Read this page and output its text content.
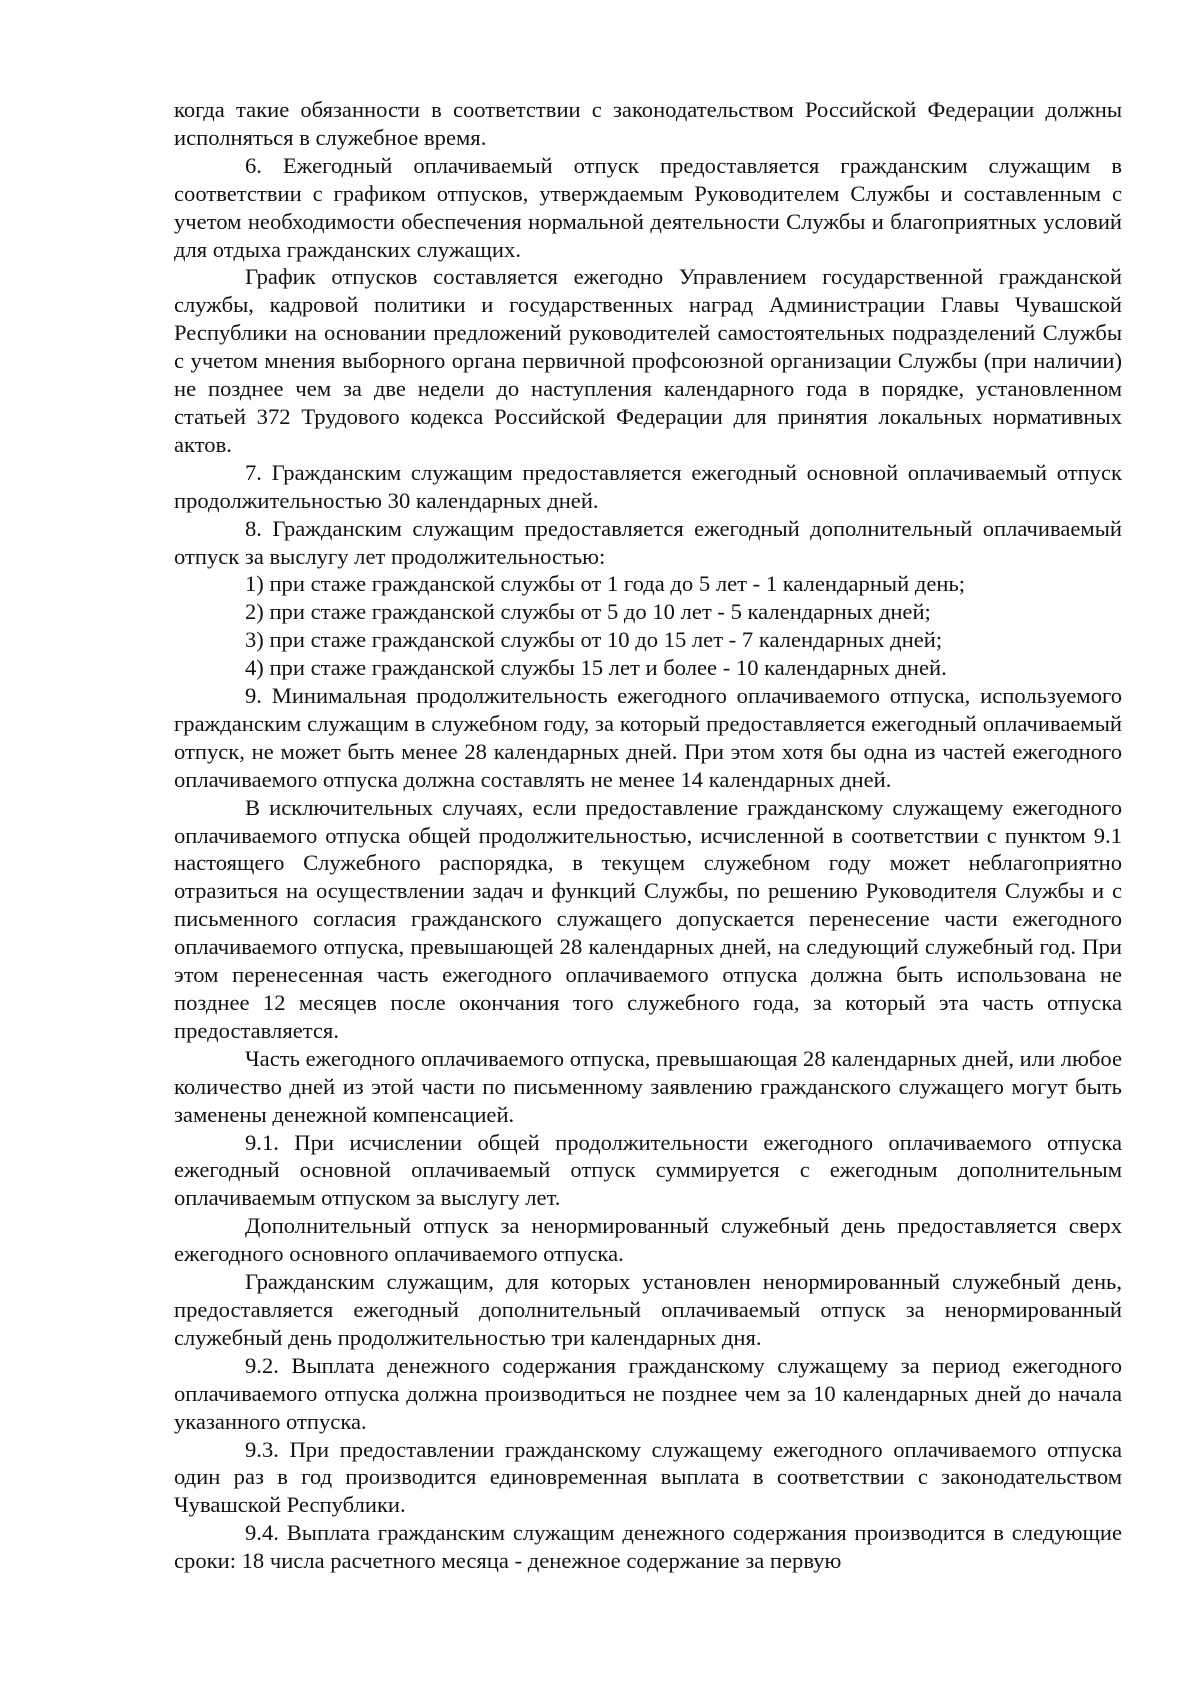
когда такие обязанности в соответствии с законодательством Российской Федерации должны исполняться в служебное время.

6. Ежегодный оплачиваемый отпуск предоставляется гражданским служащим в соответствии с графиком отпусков, утверждаемым Руководителем Службы и составленным с учетом необходимости обеспечения нормальной деятельности Службы и благоприятных условий для отдыха гражданских служащих.

График отпусков составляется ежегодно Управлением государственной гражданской службы, кадровой политики и государственных наград Администрации Главы Чувашской Республики на основании предложений руководителей самостоятельных подразделений Службы с учетом мнения выборного органа первичной профсоюзной организации Службы (при наличии) не позднее чем за две недели до наступления календарного года в порядке, установленном статьей 372 Трудового кодекса Российской Федерации для принятия локальных нормативных актов.

7. Гражданским служащим предоставляется ежегодный основной оплачиваемый отпуск продолжительностью 30 календарных дней.

8. Гражданским служащим предоставляется ежегодный дополнительный оплачиваемый отпуск за выслугу лет продолжительностью:

1) при стаже гражданской службы от 1 года до 5 лет - 1 календарный день;

2) при стаже гражданской службы от 5 до 10 лет - 5 календарных дней;

3) при стаже гражданской службы от 10 до 15 лет - 7 календарных дней;

4) при стаже гражданской службы 15 лет и более - 10 календарных дней.

9. Минимальная продолжительность ежегодного оплачиваемого отпуска, используемого гражданским служащим в служебном году, за который предоставляется ежегодный оплачиваемый отпуск, не может быть менее 28 календарных дней. При этом хотя бы одна из частей ежегодного оплачиваемого отпуска должна составлять не менее 14 календарных дней.

В исключительных случаях, если предоставление гражданскому служащему ежегодного оплачиваемого отпуска общей продолжительностью, исчисленной в соответствии с пунктом 9.1 настоящего Служебного распорядка, в текущем служебном году может неблагоприятно отразиться на осуществлении задач и функций Службы, по решению Руководителя Службы и с письменного согласия гражданского служащего допускается перенесение части ежегодного оплачиваемого отпуска, превышающей 28 календарных дней, на следующий служебный год. При этом перенесенная часть ежегодного оплачиваемого отпуска должна быть использована не позднее 12 месяцев после окончания того служебного года, за который эта часть отпуска предоставляется.

Часть ежегодного оплачиваемого отпуска, превышающая 28 календарных дней, или любое количество дней из этой части по письменному заявлению гражданского служащего могут быть заменены денежной компенсацией.

9.1. При исчислении общей продолжительности ежегодного оплачиваемого отпуска ежегодный основной оплачиваемый отпуск суммируется с ежегодным дополнительным оплачиваемым отпуском за выслугу лет.

Дополнительный отпуск за ненормированный служебный день предоставляется сверх ежегодного основного оплачиваемого отпуска.

Гражданским служащим, для которых установлен ненормированный служебный день, предоставляется ежегодный дополнительный оплачиваемый отпуск за ненормированный служебный день продолжительностью три календарных дня.

9.2. Выплата денежного содержания гражданскому служащему за период ежегодного оплачиваемого отпуска должна производиться не позднее чем за 10 календарных дней до начала указанного отпуска.

9.3. При предоставлении гражданскому служащему ежегодного оплачиваемого отпуска один раз в год производится единовременная выплата в соответствии с законодательством Чувашской Республики.

9.4. Выплата гражданским служащим денежного содержания производится в следующие сроки: 18 числа расчетного месяца - денежное содержание за первую
